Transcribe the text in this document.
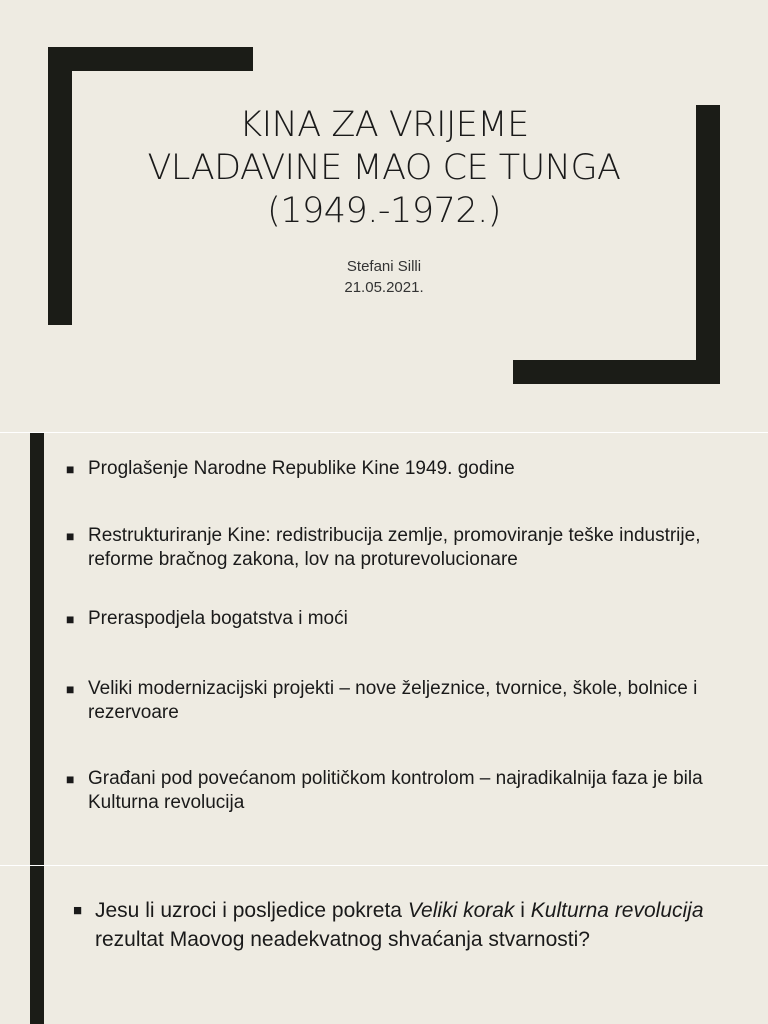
KINA ZA VRIJEME
VLADAVINE MAO CE TUNGA
(1949.-1972.)
Stefani Silli
21.05.2021.
■ Proglašenje Narodne Republike Kine 1949. godine
■ Restrukturiranje Kine: redistribucija zemlje, promoviranje teške industrije, reforme bračnog zakona, lov na proturevolucionare
■ Preraspodjela bogatstva i moći
■ Veliki modernizacijski projekti – nove željeznice, tvornice, škole, bolnice i rezervoare
■ Građani pod povećanom političkom kontrolom – najradikalnija faza je bila Kulturna revolucija
■ Jesu li uzroci i posljedice pokreta Veliki korak i Kulturna revolucija rezultat Maovog neadekvatnog shvaćanja stvarnosti?
